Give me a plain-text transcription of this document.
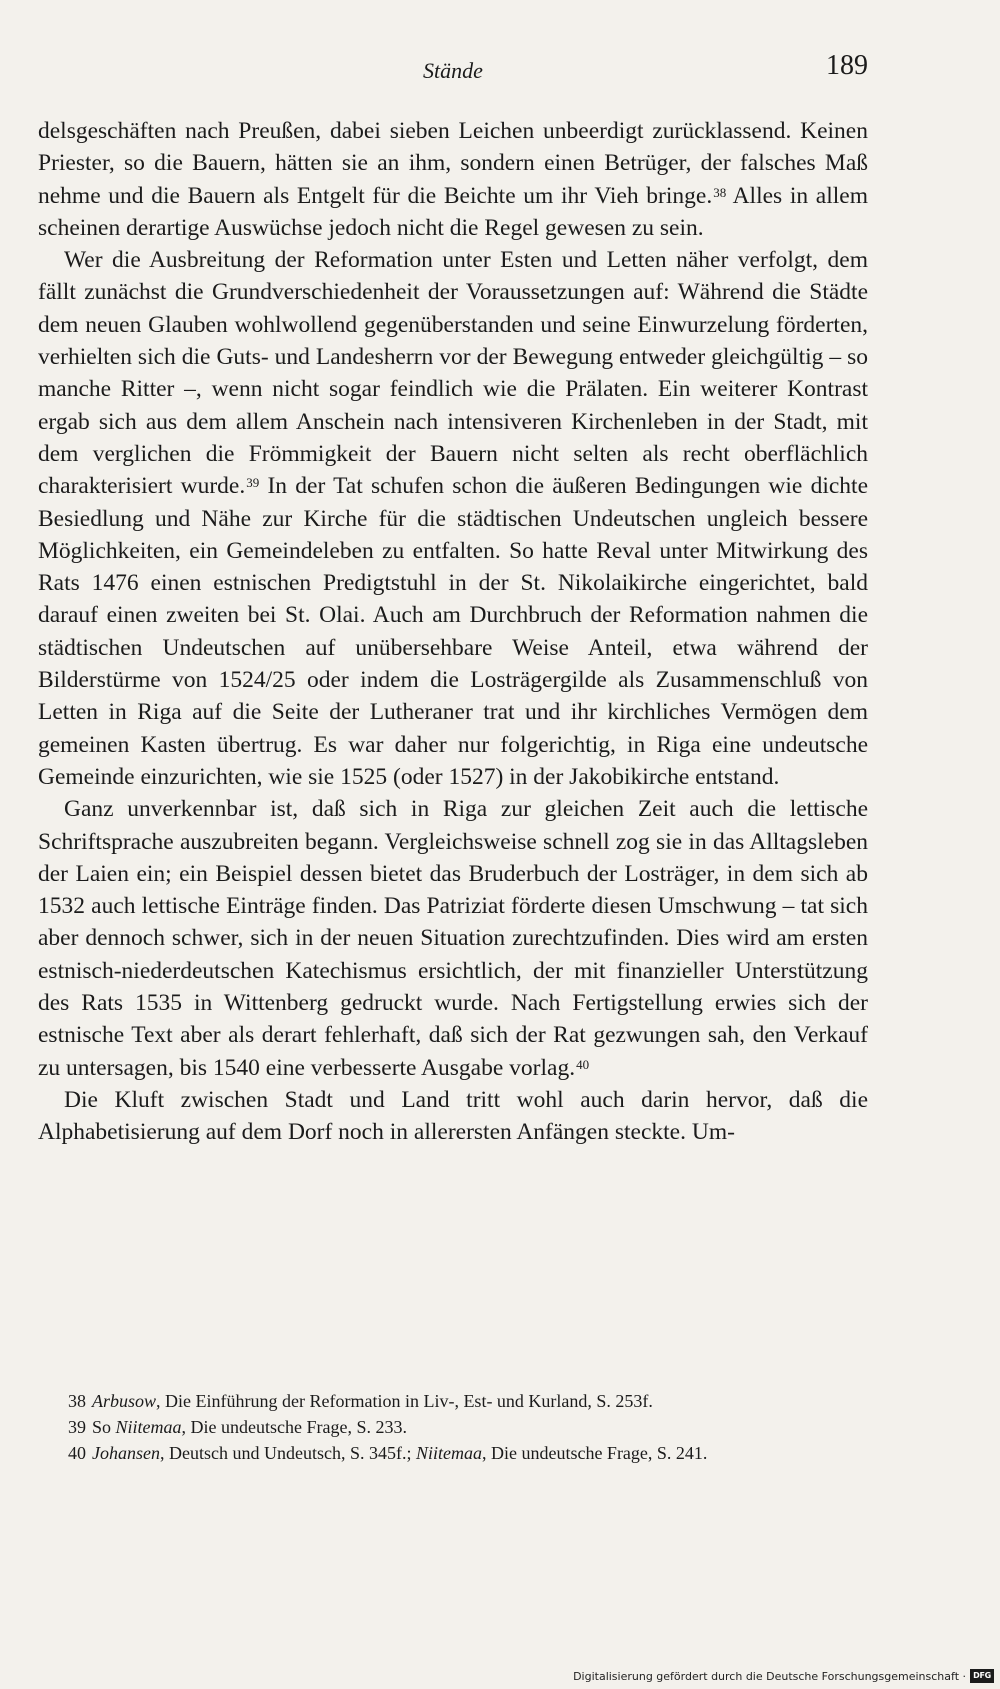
Stände	189

delsgeschäften nach Preußen, dabei sieben Leichen unbeerdigt zurücklassend. Keinen Priester, so die Bauern, hätten sie an ihm, sondern einen Betrüger, der falsches Maß nehme und die Bauern als Entgelt für die Beichte um ihr Vieh bringe.$^{38}$ Alles in allem scheinen derartige Auswüchse jedoch nicht die Regel gewesen zu sein.

Wer die Ausbreitung der Reformation unter Esten und Letten näher verfolgt, dem fällt zunächst die Grundverschiedenheit der Voraussetzungen auf: Während die Städte dem neuen Glauben wohlwollend gegenüberstanden und seine Einwurzelung förderten, verhielten sich die Guts- und Landesherrn vor der Bewegung entweder gleichgültig – so manche Ritter –, wenn nicht sogar feindlich wie die Prälaten. Ein weiterer Kontrast ergab sich aus dem allem Anschein nach intensiveren Kirchenleben in der Stadt, mit dem verglichen die Frömmigkeit der Bauern nicht selten als recht oberflächlich charakterisiert wurde.$^{39}$ In der Tat schufen schon die äußeren Bedingungen wie dichte Besiedlung und Nähe zur Kirche für die städtischen Undeutschen ungleich bessere Möglichkeiten, ein Gemeindeleben zu entfalten. So hatte Reval unter Mitwirkung des Rats 1476 einen estnischen Predigtstuhl in der St. Nikolaikirche eingerichtet, bald darauf einen zweiten bei St. Olai. Auch am Durchbruch der Reformation nahmen die städtischen Undeutschen auf unübersehbare Weise Anteil, etwa während der Bilderstürme von 1524/25 oder indem die Losträgergilde als Zusammenschluß von Letten in Riga auf die Seite der Lutheraner trat und ihr kirchliches Vermögen dem gemeinen Kasten übertrug. Es war daher nur folgerichtig, in Riga eine undeutsche Gemeinde einzurichten, wie sie 1525 (oder 1527) in der Jakobikirche entstand.

Ganz unverkennbar ist, daß sich in Riga zur gleichen Zeit auch die lettische Schriftsprache auszubreiten begann. Vergleichsweise schnell zog sie in das Alltagsleben der Laien ein; ein Beispiel dessen bietet das Bruderbuch der Losträger, in dem sich ab 1532 auch lettische Einträge finden. Das Patriziat förderte diesen Umschwung – tat sich aber dennoch schwer, sich in der neuen Situation zurechtzufinden. Dies wird am ersten estnisch-niederdeutschen Katechismus ersichtlich, der mit finanzieller Unterstützung des Rats 1535 in Wittenberg gedruckt wurde. Nach Fertigstellung erwies sich der estnische Text aber als derart fehlerhaft, daß sich der Rat gezwungen sah, den Verkauf zu untersagen, bis 1540 eine verbesserte Ausgabe vorlag.$^{40}$

Die Kluft zwischen Stadt und Land tritt wohl auch darin hervor, daß die Alphabetisierung auf dem Dorf noch in allerersten Anfängen steckte. Um-

38 Arbusow, Die Einführung der Reformation in Liv-, Est- und Kurland, S. 253f.

39 So Niitemaa, Die undeutsche Frage, S. 233.

40 Johansen, Deutsch und Undeutsch, S. 345f.; Niitemaa, Die undeutsche Frage, S. 241.

Digitalisierung gefördert durch die Deutsche Forschungsgemeinschaft · DFG
